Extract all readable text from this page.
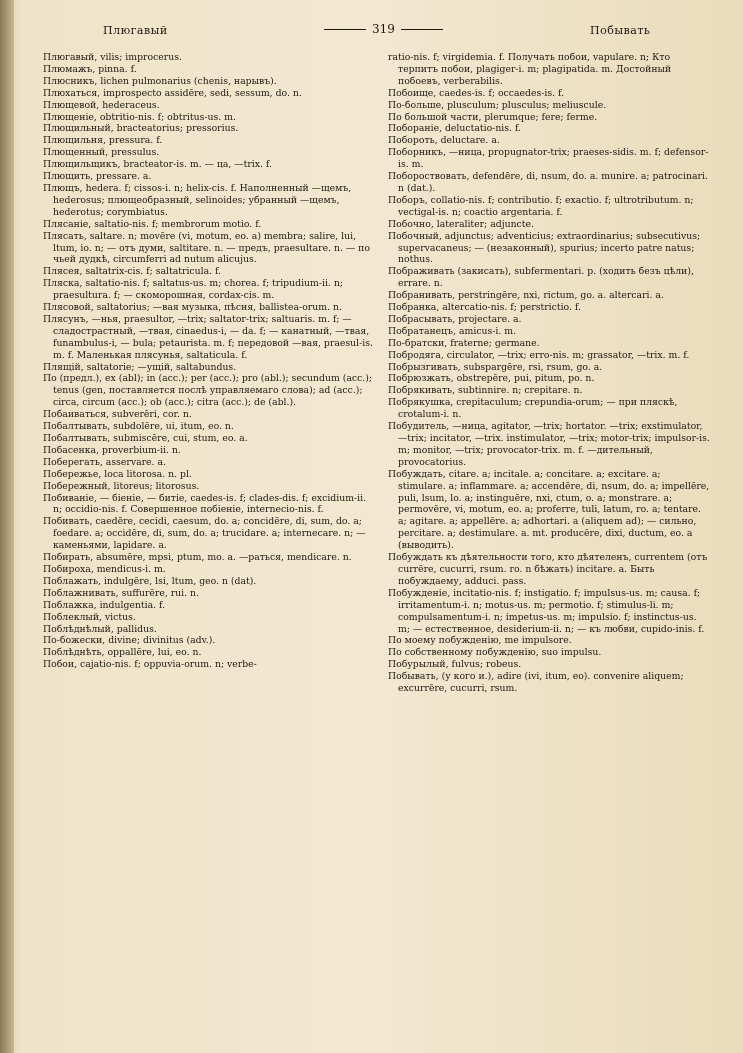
Плюгавый	319	Побывать

Плюгавый, vilis; improcerus.

Плюмажъ, pinna. f.

Плюсникъ, lichen pulmonarius (chenis, нарывъ).

Плюхаться, improspecto assidēre, sedi, sessum, do. n.

Плющевой, hederaceus.

Плющеніе, obtritio-nis. f; obtritus-us. m.

Плющильный, bracteatorius; pressorius.

Плющильня, pressura. f.

Плющенный, pressulus.

Плющильщикъ, bracteator-is. m. — ца, —trix. f.

Плющить, pressare. a.

Плющъ, hedera. f; cissos-i. n; helix-cis. f. Наполненный —щемъ, hederosus; плющеобразный, selinoides; убранный —щемъ, hederotus; corymbiatus.

Плясаніе, saltatio-nis. f; membrorum motio. f.

Плясать, saltare. n; movēre (vi, motum, eo. a) membra; salire, lui, ltum, io. n; — отъ думи, saltitare. n. — предъ, praesultare. n. — по чьей дудкѣ, circumferri ad nutum alicujus.

Плясея, saltatrix-cis. f; saltatricula. f.

Пляска, saltatio-nis. f; saltatus-us. m; chorea. f; tripudium-ii. n; praesultura. f; — скоморошная, cordax-cis. m.

Плясовой, saltatorius; —вая музыка, пѣсня, ballistea-orum. n.

Плясунъ, —нья, praesultor, —trix; saltator-trix; saltuaris. m. f; — сладострастный, —твая, cinaedus-i, — da. f; — канатный, —твая, funambulus-i, — bula; petaurista. m. f; передовой —вая, praesul-is. m. f. Маленькая плясунья, saltaticula. f.

Плящій, saltatorie; —ущій, saltabundus.

По (предл.), ex (abl); in (acc.); per (acc.); pro (abl.); secundum (acc.); tenus (gen, поставляется послѣ управляемаго слова); ad (acc.); circa, circum (acc.); ob (acc.); citra (acc.); de (abl.).

Побаиваться, subverēri, cor. n.

Побалтывать, subdolēre, ui, itum, eo. n.

Побалтывать, submiscēre, cui, stum, eo. a.

Побасенка, proverbium-ii. n.

Поберегать, asservare. a.

Побережье, loca litorosa. n. pl.

Побережный, litoreus; litorosus.

Побиваніе, — біеніе, — битіе, caedes-is. f; clades-dis. f; excidium-ii. n; occidio-nis. f. Совершенное побіеніе, internecio-nis. f.

Побивать, caedēre, cecidi, caesum, do. a; concidēre, di, sum, do. a; foedare. a; occidēre, di, sum, do. a; trucidare. a; internecare. n; — каменьями, lapidare. a.

Побирать, absumēre, mpsi, ptum, mo. a. —раться, mendicare. n.

Побироха, mendicus-i. m.

Поблажать, indulgēre, lsi, ltum, geo. n (dat).

Поблажнивать, suffurēre, rui. n.

Поблажка, indulgentia. f.

Поблеклый, victus.

Поблѣднѣлый, pallidus.

По-божески, divine; divinitus (adv.).

Поблѣднѣть, oppallēre, lui, eo. n.

Побои, cajatio-nis. f; oppuvia-orum. n; verbe-

ratio-nis. f; virgidemia. f. Получать побои, vapulare. n; Кто терпитъ побои, plagiger-i. m; plagipatida. m. Достойный побоевъ, verberabilis.

Побоище, caedes-is. f; occaedes-is. f.

По-больше, plusculum; plusculus; meliuscule.

По большой части, plerumque; fere; ferme.

Побораніе, deluctatio-nis. f.

Побороть, deluctare. a.

Поборникъ, —ница, propugnator-trix; praeses-sidis. m. f; defensor-is. m.

Побороствовать, defendēre, di, nsum, do. a. munire. a; patrocinari. n (dat.).

Поборъ, collatio-nis. f; contributio. f; exactio. f; ultrotributum. n; vectigal-is. n; coactio argentaria. f.

Побочно, lateraliter; adjuncte.

Побочный, adjunctus; adventicius; extraordinarius; subsecutivus; supervacaneus; — (незаконный), spurius; incerto patre natus; nothus.

Пображивать (закисать), subfermentari. p. (ходить безъ цѣли), errare. n.

Побранивать, perstringēre, nxi, rictum, go. a. altercari. a.

Побранка, altercatio-nis. f; perstrictio. f.

Побрасывать, projectare. a.

Побратанецъ, amicus-i. m.

По-братски, fraterne; germane.

Побродяга, circulator, —trix; erro-nis. m; grassator, —trix. m. f.

Побрызгивать, subspargēre, rsi, rsum, go. a.

Побрюзжать, obstrepēre, pui, pitum, po. n.

Побрякивать, subtinnire. n; crepitare. n.

Побрякушка, crepitaculum; crepundia-orum; — при пляскѣ, crotalum-i. n.

Побудитель, —ница, agitator, —trix; hortator. —trix; exstimulator, —trix; incitator, —trix. instimulator, —trix; motor-trix; impulsor-is. m; monitor, —trix; provocator-trix. m. f. —дительный, provocatorius.

Побуждать, citare. a; incitale. a; concitare. a; excitare. a; stimulare. a; inflammare. a; accendēre, di, nsum, do. a; impellēre, puli, lsum, lo. a; instinguēre, nxi, ctum, o. a; monstrare. a; permovēre, vi, motum, eo. a; proferre, tuli, latum, ro. a; tentare. a; agitare. a; appellēre. a; adhortari. a (aliquem ad); — сильно, percitare. a; destimulare. a. mt. producēre, dixi, ductum, eo. a (выводить).

Побуждать къ дѣятельности того, кто дѣятеленъ, currentem (отъ currēre, cucurri, rsum. ro. n бѣжать) incitare. a. Быть побуждаему, adduci. pass.

Побужденіе, incitatio-nis. f; instigatio. f; impulsus-us. m; causa. f; irritamentum-i. n; motus-us. m; permotio. f; stimulus-li. m; compulsamentum-i. n; impetus-us. m; impulsio. f; instinctus-us. m; — естественное, desiderium-ii. n; — къ любви, cupido-inis. f.

По моему побужденію, me impulsore.

По собственному побужденію, suo impulsu.

Побурылый, fulvus; robeus.

Побывать, (у кого и.), adire (ivi, itum, eo). convenire aliquem; excurrēre, cucurri, rsum.
